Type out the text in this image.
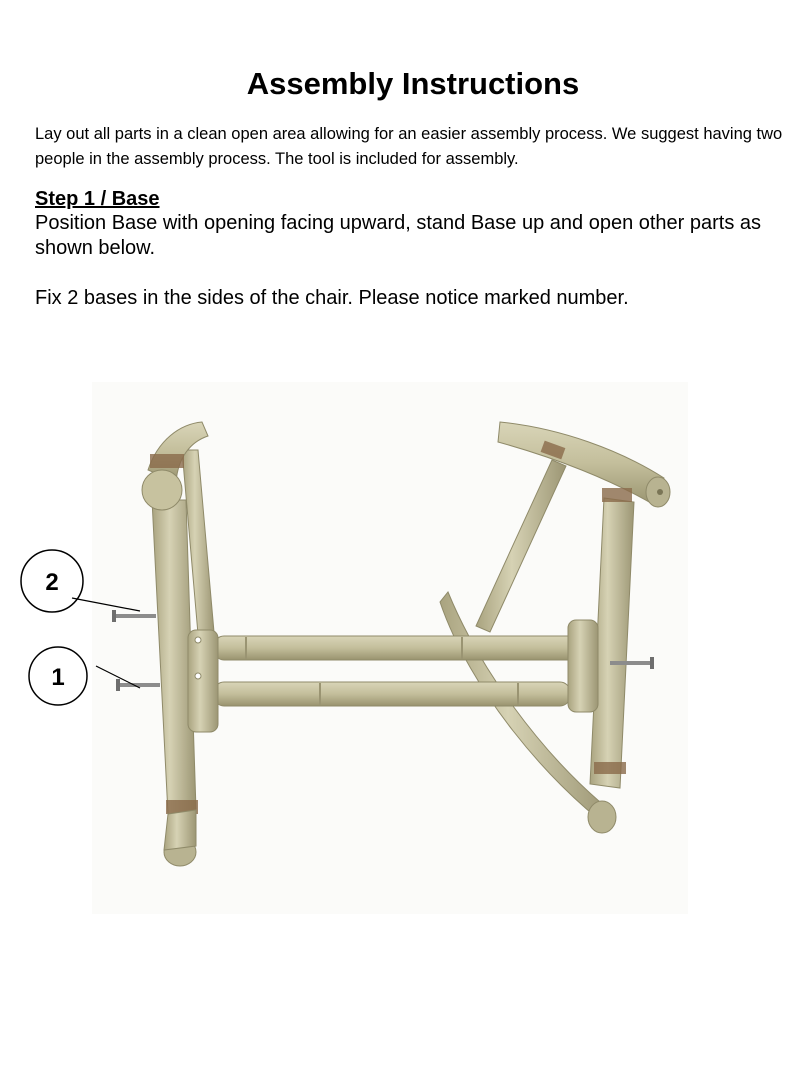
Assembly Instructions
Lay out all parts in a clean open area allowing for an easier assembly process. We suggest having two people in the assembly process. The tool is included for assembly.
Step 1 / Base
Position Base with opening facing upward, stand Base up and open other parts as shown below.
Fix 2 bases in the sides of the chair. Please notice marked number.
2
1
